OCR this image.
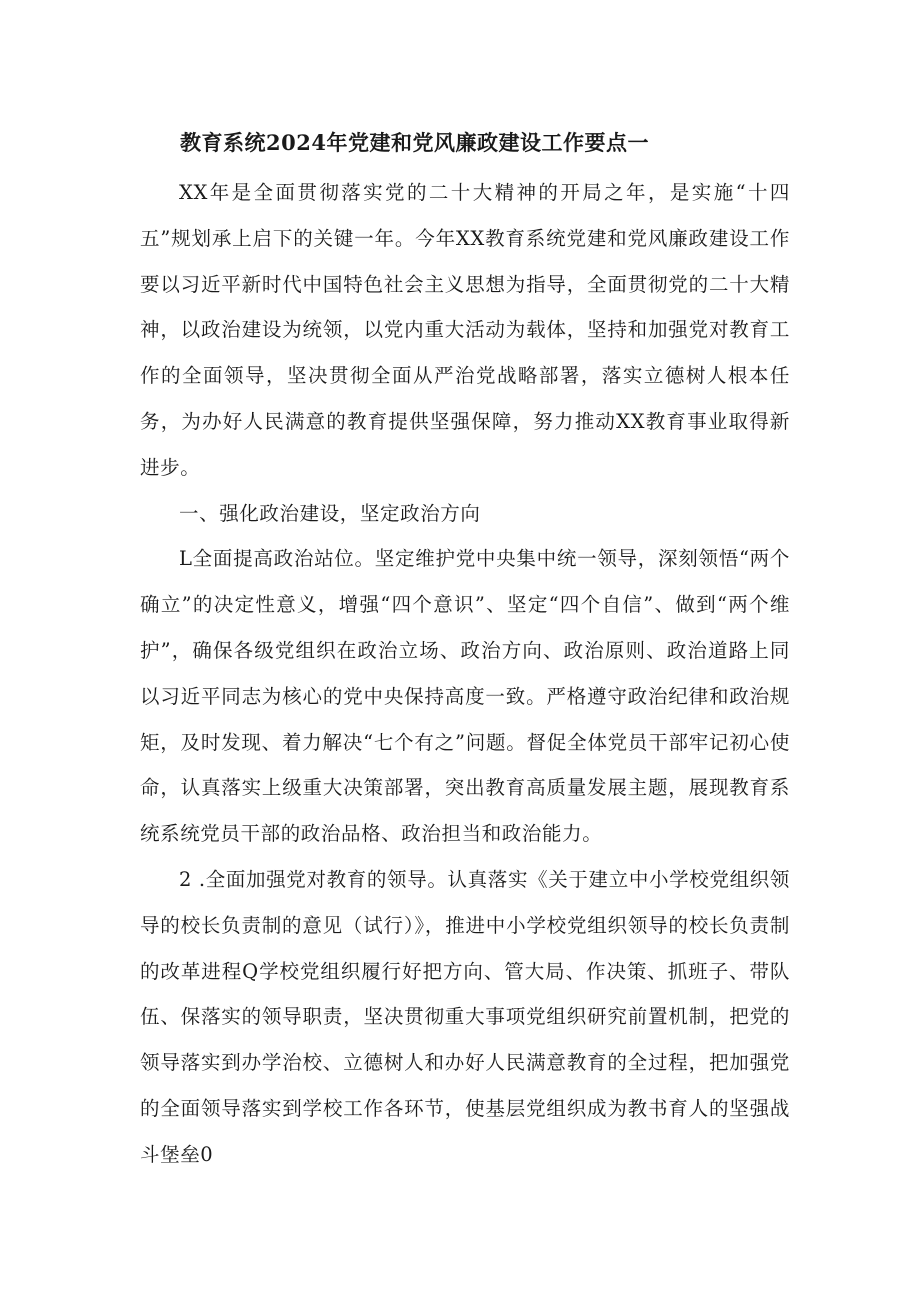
教育系统2024年党建和党风廉政建设工作要点一

XX年是全面贯彻落实党的二十大精神的开局之年，是实施“十四五”规划承上启下的关键一年。今年XX教育系统党建和党风廉政建设工作要以习近平新时代中国特色社会主义思想为指导，全面贯彻党的二十大精神，以政治建设为统领，以党内重大活动为载体，坚持和加强党对教育工作的全面领导，坚决贯彻全面从严治党战略部署，落实立德树人根本任务，为办好人民满意的教育提供坚强保障，努力推动XX教育事业取得新进步。

一、强化政治建设，坚定政治方向

L全面提高政治站位。坚定维护党中央集中统一领导，深刻领悟“两个确立”的决定性意义，增强“四个意识”、坚定“四个自信”、做到“两个维护”，确保各级党组织在政治立场、政治方向、政治原则、政治道路上同以习近平同志为核心的党中央保持高度一致。严格遵守政治纪律和政治规矩，及时发现、着力解决“七个有之”问题。督促全体党员干部牢记初心使命，认真落实上级重大决策部署，突出教育高质量发展主题，展现教育系统系统党员干部的政治品格、政治担当和政治能力。

2 .全面加强党对教育的领导。认真落实《关于建立中小学校党组织领导的校长负责制的意见（试行）》，推进中小学校党组织领导的校长负责制的改革进程Q学校党组织履行好把方向、管大局、作决策、抓班子、带队伍、保落实的领导职责，坚决贯彻重大事项党组织研究前置机制，把党的领导落实到办学治校、立德树人和办好人民满意教育的全过程，把加强党的全面领导落实到学校工作各环节，使基层党组织成为教书育人的坚强战斗堡垒0
